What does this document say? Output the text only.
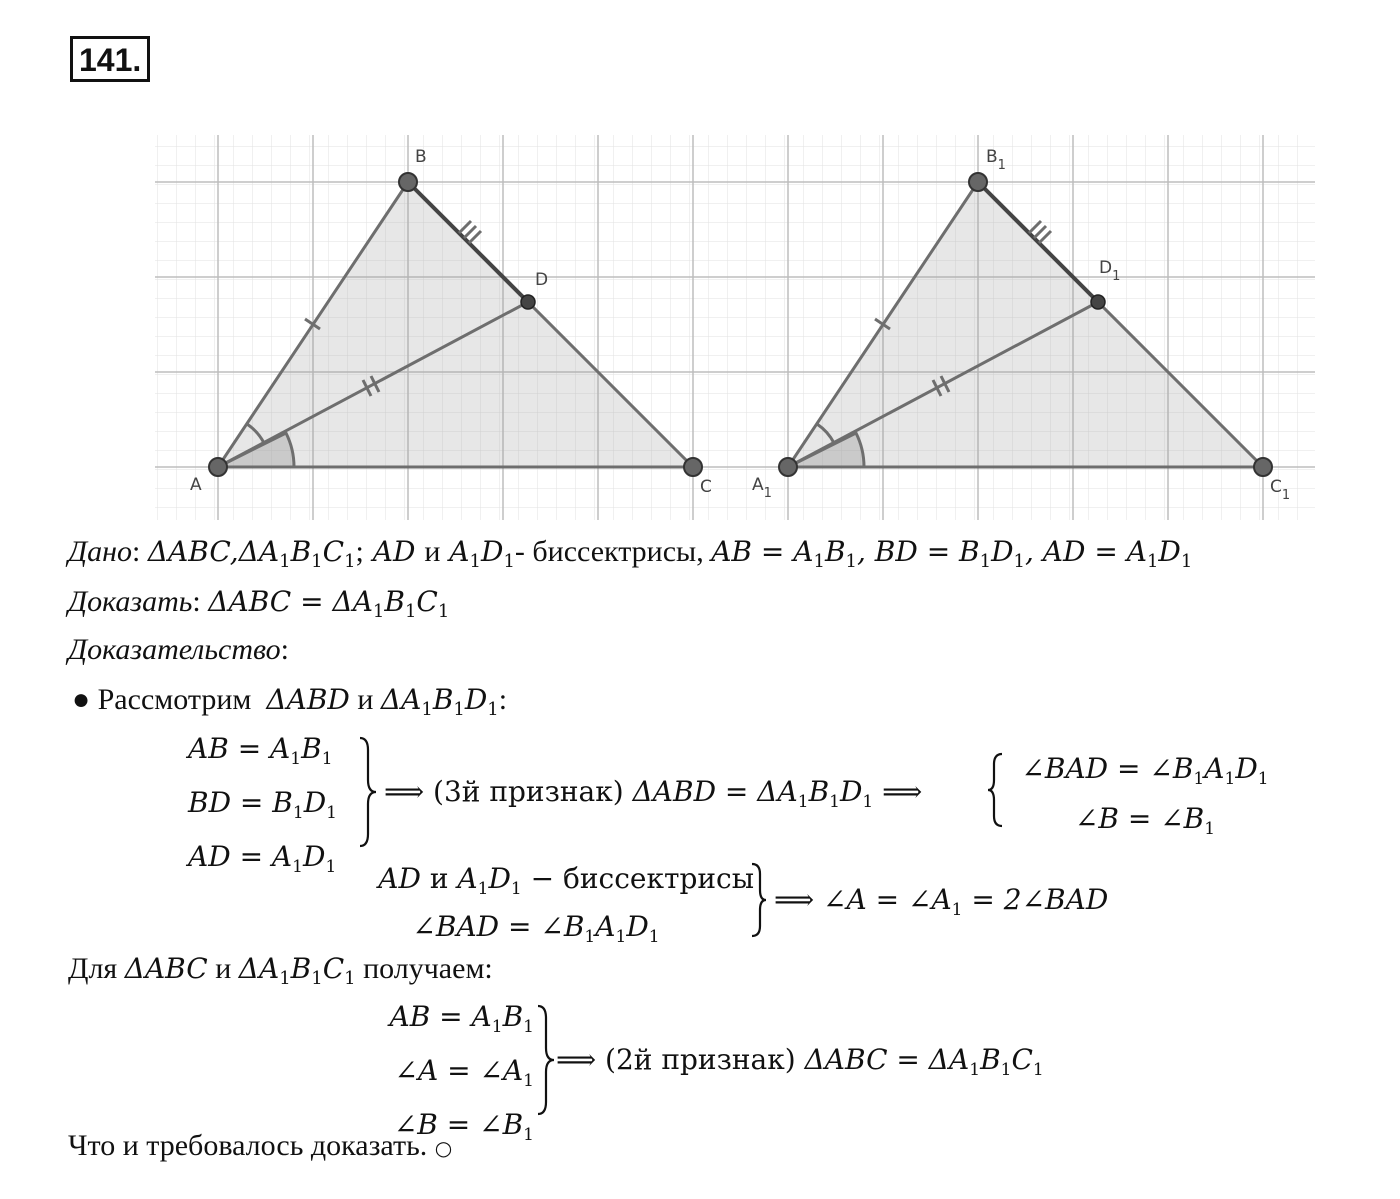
141.
A
B
C
D
$A_1$
$B_1$
$C_1$
$D_1$
Дано: $\Delta ABC,\Delta A_1B_1C_1$; AD и $A_1D_1-$ биссектрисы, AB = $A_1B_1$, BD = $B_1D_1$, AD = $A_1D_1$
Доказать: $\Delta ABC = \Delta A_1B_1C_1$
Доказательство:
● Рассмотрим ΔABD и $\Delta A_1B_1D_1$:
AB = $A_1B_1$
BD = $B_1D_1$
AD = $A_1D_1$
⟹ (3й признак) $\Delta ABD = \Delta A_1B_1D_1$ ⟹
∠BAD = $\angle B_1A_1D_1$
∠B = $\angle B_1$
AD и $A_1D_1$ − биссектрисы
∠BAD = $\angle B_1A_1D_1$
⟹ ∠A = $\angle A_1$ = 2∠BAD
Для ΔABC и $\Delta A_1B_1C_1$ получаем:
AB = $A_1B_1$
∠A = $\angle A_1$
∠B = $\angle B_1$
⟹ (2й признак) $\Delta ABC = \Delta A_1B_1C_1$
Что и требовалось доказать. ○
